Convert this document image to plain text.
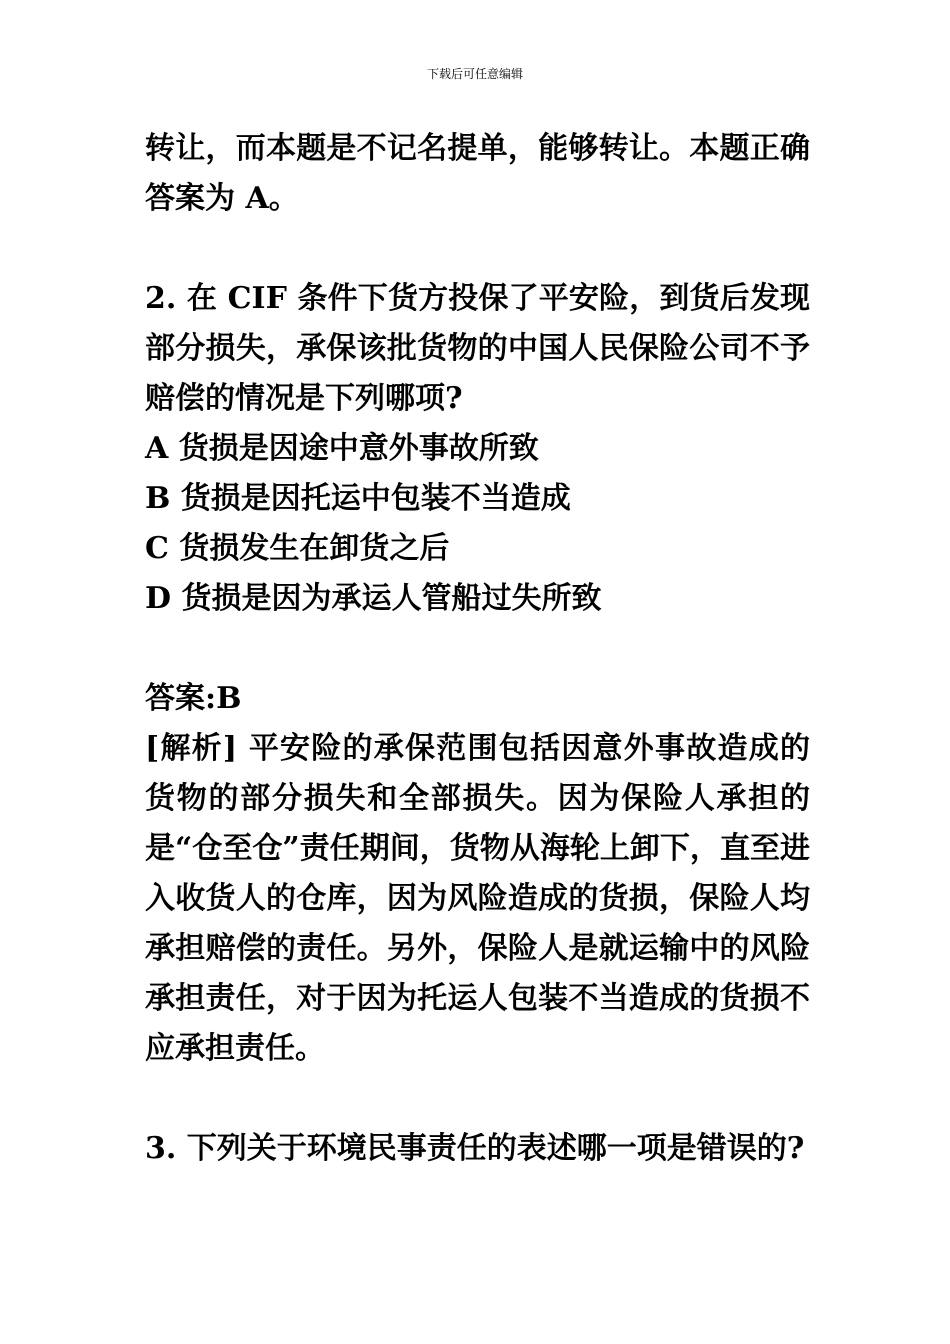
下载后可任意编辑

转让，而本题是不记名提单，能够转让。本题正确答案为 A。

2. 在 CIF 条件下货方投保了平安险，到货后发现部分损失，承保该批货物的中国人民保险公司不予赔偿的情况是下列哪项?

A 货损是因途中意外事故所致

B 货损是因托运中包装不当造成

C 货损发生在卸货之后

D 货损是因为承运人管船过失所致

答案:B

[解析] 平安险的承保范围包括因意外事故造成的货物的部分损失和全部损失。因为保险人承担的是“仓至仓”责任期间，货物从海轮上卸下，直至进入收货人的仓库，因为风险造成的货损，保险人均承担赔偿的责任。另外，保险人是就运输中的风险承担责任，对于因为托运人包装不当造成的货损不应承担责任。

3. 下列关于环境民事责任的表述哪一项是错误的?
